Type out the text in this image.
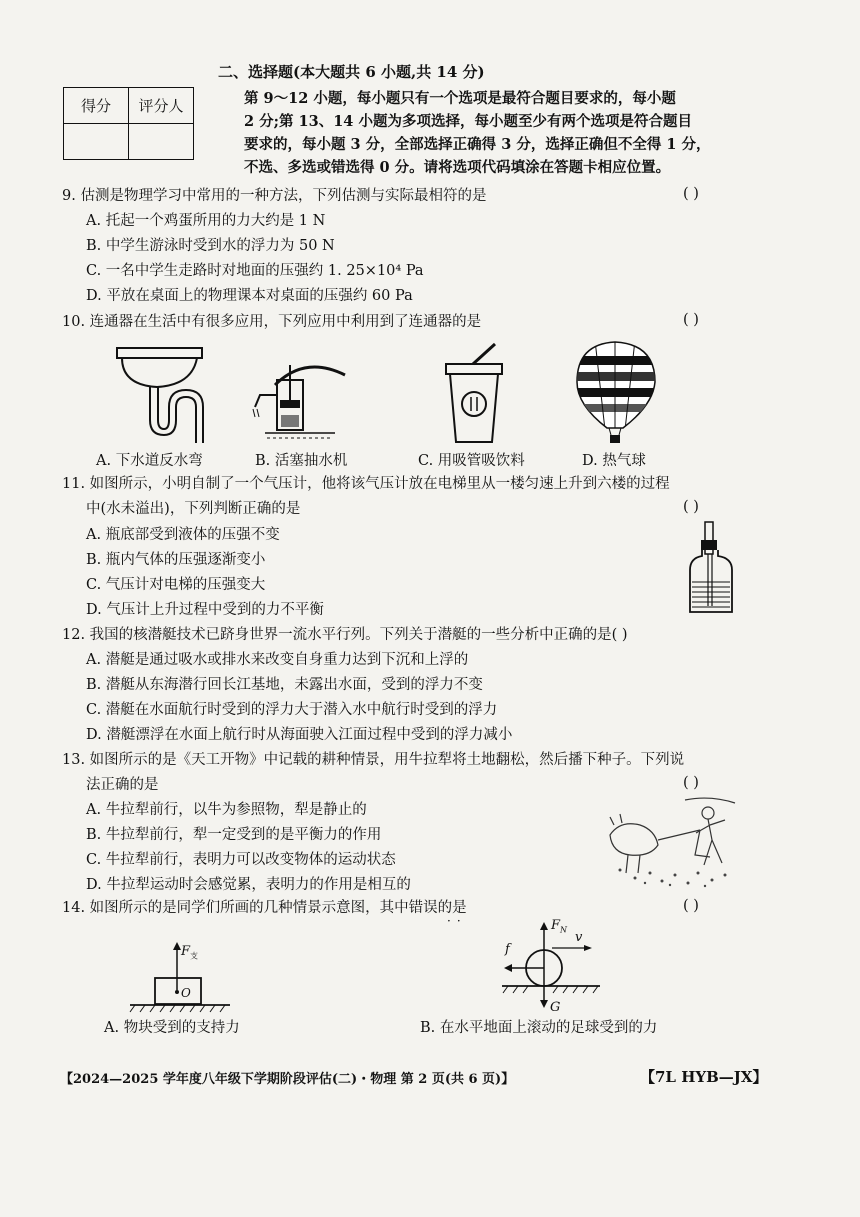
二、选择题(本大题共 6 小题,共 14 分)
得分	评分人
		第 9～12 小题，每小题只有一个选项是最符合题目要求的，每小题
2 分;第 13、14 小题为多项选择，每小题至少有两个选项是符合题目
要求的，每小题 3 分，全部选择正确得 3 分，选择正确但不全得 1 分，
不选、多选或错选得 0 分。请将选项代码填涂在答题卡相应位置。
9. 估测是物理学习中常用的一种方法，下列估测与实际最相符的是	( )
A. 托起一个鸡蛋所用的力大约是 1 N
B. 中学生游泳时受到水的浮力为 50 N
C. 一名中学生走路时对地面的压强约 1. 25×10⁴ Pa
D. 平放在桌面上的物理课本对桌面的压强约 60 Pa
10. 连通器在生活中有很多应用，下列应用中利用到了连通器的是	( )
A. 下水道反水弯	B. 活塞抽水机	C. 用吸管吸饮料	D. 热气球
11. 如图所示，小明自制了一个气压计，他将该气压计放在电梯里从一楼匀速上升到六楼的过程
中(水未溢出)，下列判断正确的是	( )
A. 瓶底部受到液体的压强不变
B. 瓶内气体的压强逐渐变小
C. 气压计对电梯的压强变大
D. 气压计上升过程中受到的力不平衡
12. 我国的核潜艇技术已跻身世界一流水平行列。下列关于潜艇的一些分析中正确的是( )
A. 潜艇是通过吸水或排水来改变自身重力达到下沉和上浮的
B. 潜艇从东海潜行回长江基地，未露出水面，受到的浮力不变
C. 潜艇在水面航行时受到的浮力大于潜入水中航行时受到的浮力
D. 潜艇漂浮在水面上航行时从海面驶入江面过程中受到的浮力减小
13. 如图所示的是《天工开物》中记载的耕种情景，用牛拉犁将土地翻松，然后播下种子。下列说
法正确的是	( )
A. 牛拉犁前行，以牛为参照物，犁是静止的
B. 牛拉犁前行，犁一定受到的是平衡力的作用
C. 牛拉犁前行，表明力可以改变物体的运动状态
D. 牛拉犁运动时会感觉累，表明力的作用是相互的
14. 如图所示的是同学们所画的几种情景示意图，其中错误的是	( )
··
$F_支$
O
A. 物块受到的支持力
$F_N$ v
f
G
B. 在水平地面上滚动的足球受到的力
【2024—2025 学年度八年级下学期阶段评估(二)・物理 第 2 页(共 6 页)】	【7L HYB—JX】
